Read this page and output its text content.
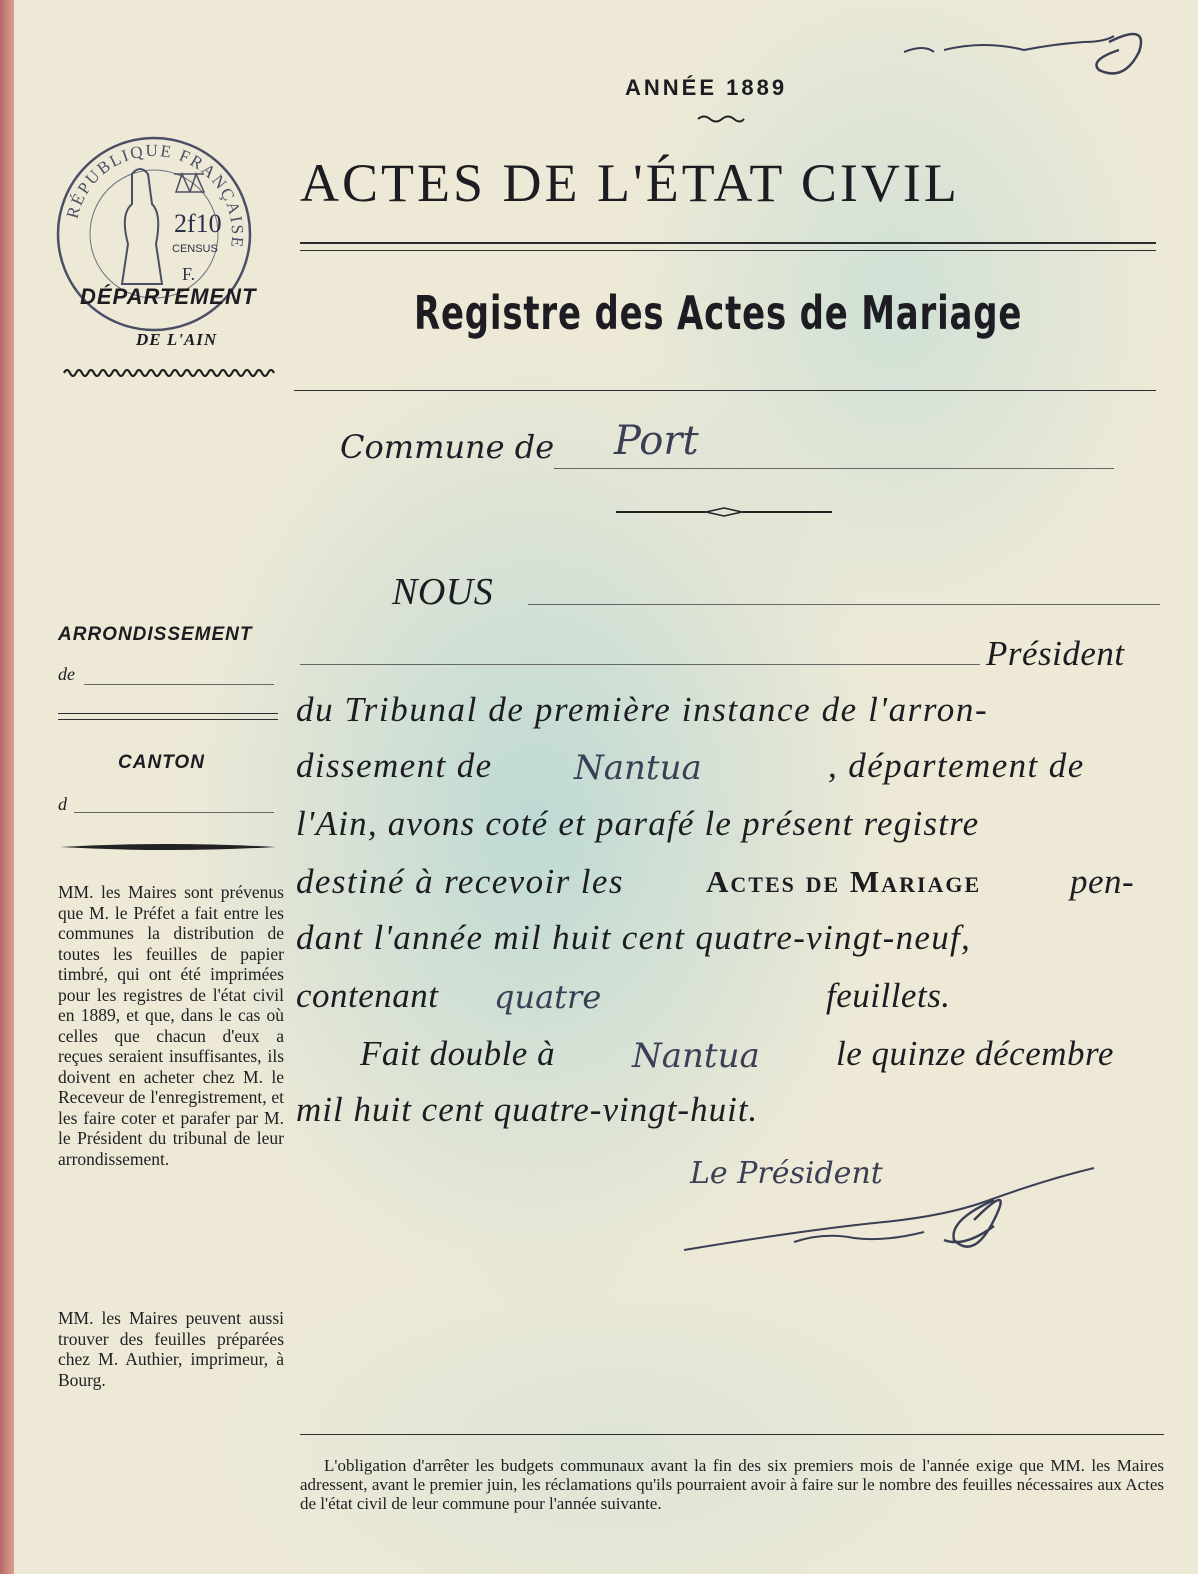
ANNÉE 1889
ACTES DE L'ÉTAT CIVIL
Registre des Actes de Mariage
RÉPUBLIQUE FRANÇAISE
2f10
CENSUS
F.
DÉPARTEMENT
DE L'AIN
ARRONDISSEMENT
de
CANTON
d
MM. les Maires sont prévenus que M. le Préfet a fait entre les communes la distribution de toutes les feuilles de papier timbré, qui ont été imprimées pour les registres de l'état civil en 1889, et que, dans le cas où celles que chacun d'eux a reçues seraient insuffisantes, ils doivent en acheter chez M. le Receveur de l'enregistrement, et les faire coter et parafer par M. le Président du tribunal de leur arrondissement.
MM. les Maires peuvent aussi trouver des feuilles préparées chez M. Authier, imprimeur, à Bourg.
Commune de Port
NOUS
Président
du Tribunal de première instance de l'arron-
dissement de Nantua	, département de
l'Ain, avons coté et parafé le présent registre
destiné à recevoir les	Actes de Mariage	pen-
dant l'année mil huit cent quatre-vingt-neuf,
contenant quatre	feuillets.
Fait double à Nantua le quinze décembre
mil huit cent quatre-vingt-huit.
Le Président
L'obligation d'arrêter les budgets communaux avant la fin des six premiers mois de l'année exige que MM. les Maires adressent, avant le premier juin, les réclamations qu'ils pourraient avoir à faire sur le nombre des feuilles nécessaires aux Actes de l'état civil de leur commune pour l'année suivante.
